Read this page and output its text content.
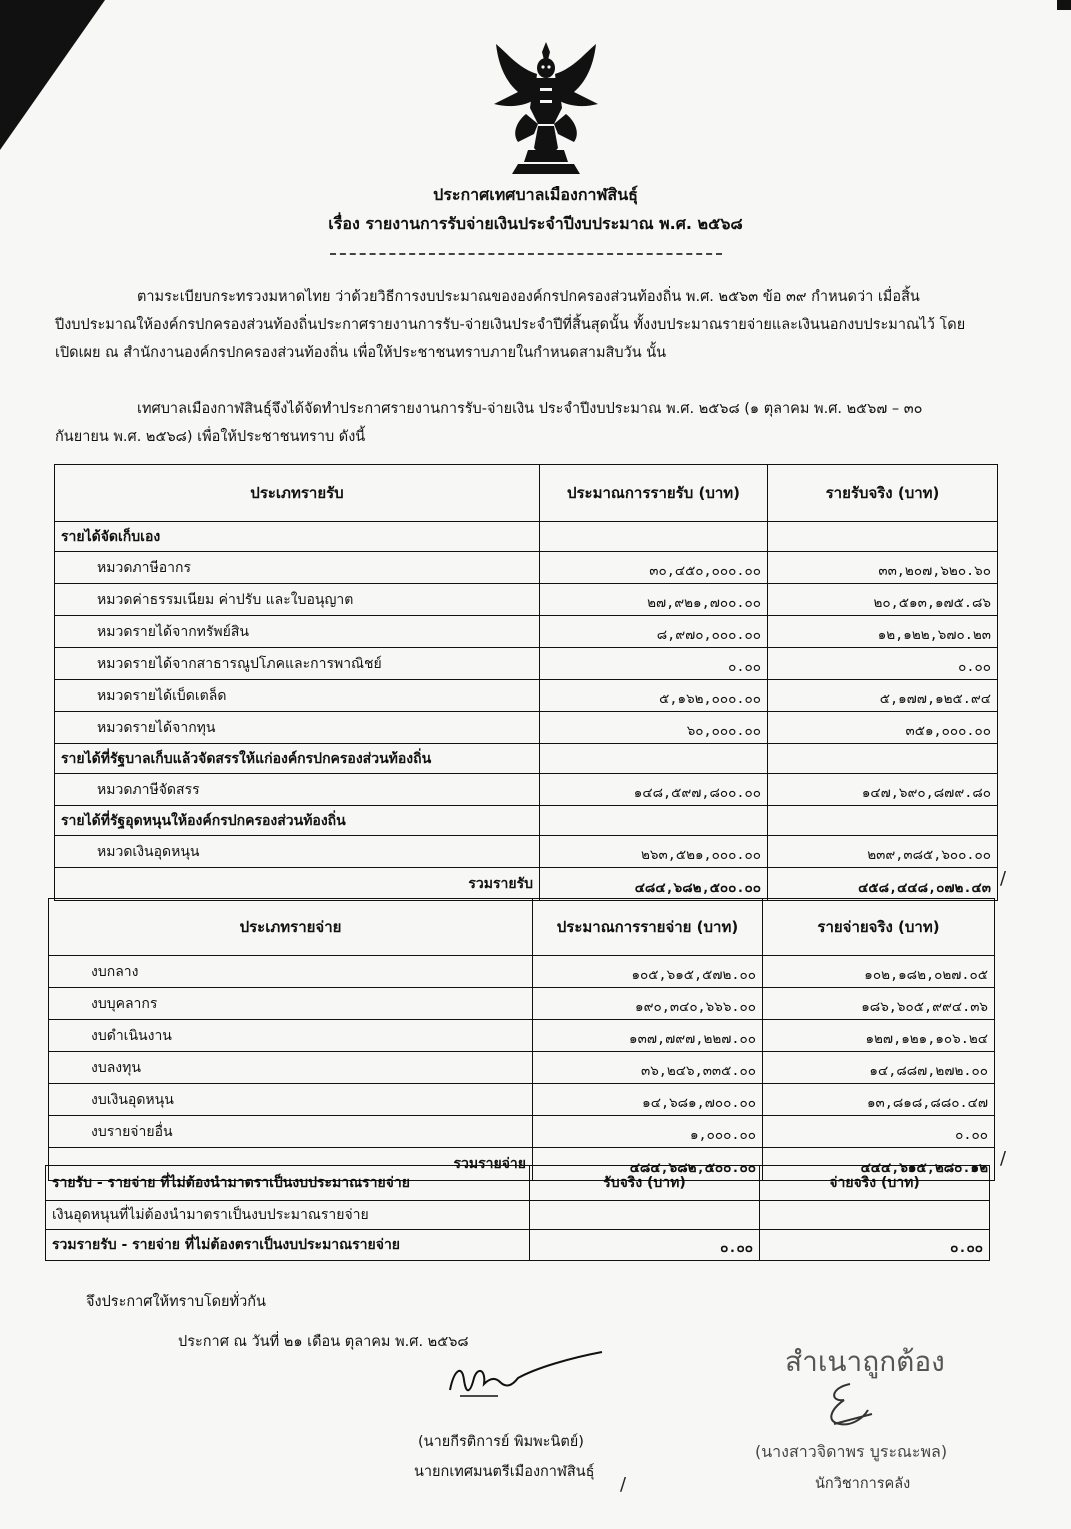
ประกาศเทศบาลเมืองกาฬสินธุ์
เรื่อง รายงานการรับจ่ายเงินประจำปีงบประมาณ พ.ศ. ๒๕๖๘

ตามระเบียบกระทรวงมหาดไทย ว่าด้วยวิธีการงบประมาณขององค์กรปกครองส่วนท้องถิ่น พ.ศ. ๒๕๖๓ ข้อ ๓๙ กำหนดว่า เมื่อสิ้นปีงบประมาณให้องค์กรปกครองส่วนท้องถิ่นประกาศรายงานการรับ-จ่ายเงินประจำปีที่สิ้นสุดนั้น ทั้งงบประมาณรายจ่ายและเงินนอกงบประมาณไว้ โดยเปิดเผย ณ สำนักงานองค์กรปกครองส่วนท้องถิ่น เพื่อให้ประชาชนทราบภายในกำหนดสามสิบวัน นั้น

เทศบาลเมืองกาฬสินธุ์จึงได้จัดทำประกาศรายงานการรับ-จ่ายเงิน ประจำปีงบประมาณ พ.ศ. ๒๕๖๘ (๑ ตุลาคม พ.ศ. ๒๕๖๗ – ๓๐ กันยายน พ.ศ. ๒๕๖๘) เพื่อให้ประชาชนทราบ ดังนี้

ประเภทรายรับ	ประมาณการรายรับ (บาท)	รายรับจริง (บาท)
รายได้จัดเก็บเอง		
หมวดภาษีอากร	๓๐,๔๕๐,๐๐๐.๐๐	๓๓,๒๐๗,๖๒๐.๖๐
หมวดค่าธรรมเนียม ค่าปรับ และใบอนุญาต	๒๗,๙๒๑,๗๐๐.๐๐	๒๐,๕๑๓,๑๗๕.๘๖
หมวดรายได้จากทรัพย์สิน	๘,๙๗๐,๐๐๐.๐๐	๑๒,๑๒๒,๖๗๐.๒๓
หมวดรายได้จากสาธารณูปโภคและการพาณิชย์	๐.๐๐	๐.๐๐
หมวดรายได้เบ็ดเตล็ด	๕,๑๖๒,๐๐๐.๐๐	๕,๑๗๗,๑๒๕.๙๔
หมวดรายได้จากทุน	๖๐,๐๐๐.๐๐	๓๕๑,๐๐๐.๐๐
รายได้ที่รัฐบาลเก็บแล้วจัดสรรให้แก่องค์กรปกครองส่วนท้องถิ่น		
หมวดภาษีจัดสรร	๑๔๘,๕๙๗,๘๐๐.๐๐	๑๔๗,๖๙๐,๘๗๙.๘๐
รายได้ที่รัฐอุดหนุนให้องค์กรปกครองส่วนท้องถิ่น		
หมวดเงินอุดหนุน	๒๖๓,๕๒๑,๐๐๐.๐๐	๒๓๙,๓๘๕,๖๐๐.๐๐
รวมรายรับ	๔๘๔,๖๘๒,๕๐๐.๐๐	๔๕๘,๔๔๘,๐๗๒.๔๓
ประเภทรายจ่าย	ประมาณการรายจ่าย (บาท)	รายจ่ายจริง (บาท)
งบกลาง	๑๐๕,๖๑๕,๕๗๒.๐๐	๑๐๒,๑๘๒,๐๒๗.๐๕
งบบุคลากร	๑๙๐,๓๔๐,๖๖๖.๐๐	๑๘๖,๖๐๕,๙๙๔.๓๖
งบดำเนินงาน	๑๓๗,๗๙๗,๒๒๗.๐๐	๑๒๗,๑๒๑,๑๐๖.๒๔
งบลงทุน	๓๖,๒๔๖,๓๓๕.๐๐	๑๔,๘๘๗,๒๗๒.๐๐
งบเงินอุดหนุน	๑๔,๖๘๑,๗๐๐.๐๐	๑๓,๘๑๘,๘๘๐.๔๗
งบรายจ่ายอื่น	๑,๐๐๐.๐๐	๐.๐๐
รวมรายจ่าย	๔๘๔,๖๘๒,๕๐๐.๐๐	๔๔๔,๖๑๕,๒๘๐.๑๒
รายรับ - รายจ่าย ที่ไม่ต้องนำมาตราเป็นงบประมาณรายจ่าย	รับจริง (บาท)	จ่ายจริง (บาท)
เงินอุดหนุนที่ไม่ต้องนำมาตราเป็นงบประมาณรายจ่าย		
รวมรายรับ - รายจ่าย ที่ไม่ต้องตราเป็นงบประมาณรายจ่าย	๐.๐๐	๐.๐๐
/
/
จึงประกาศให้ทราบโดยทั่วกัน
ประกาศ ณ วันที่ ๒๑ เดือน ตุลาคม พ.ศ. ๒๕๖๘
(นายกีรติการย์ พิมพะนิตย์)
นายกเทศมนตรีเมืองกาฬสินธุ์
/
สำเนาถูกต้อง
(นางสาวจิดาพร บูระณะพล)
นักวิชาการคลัง
